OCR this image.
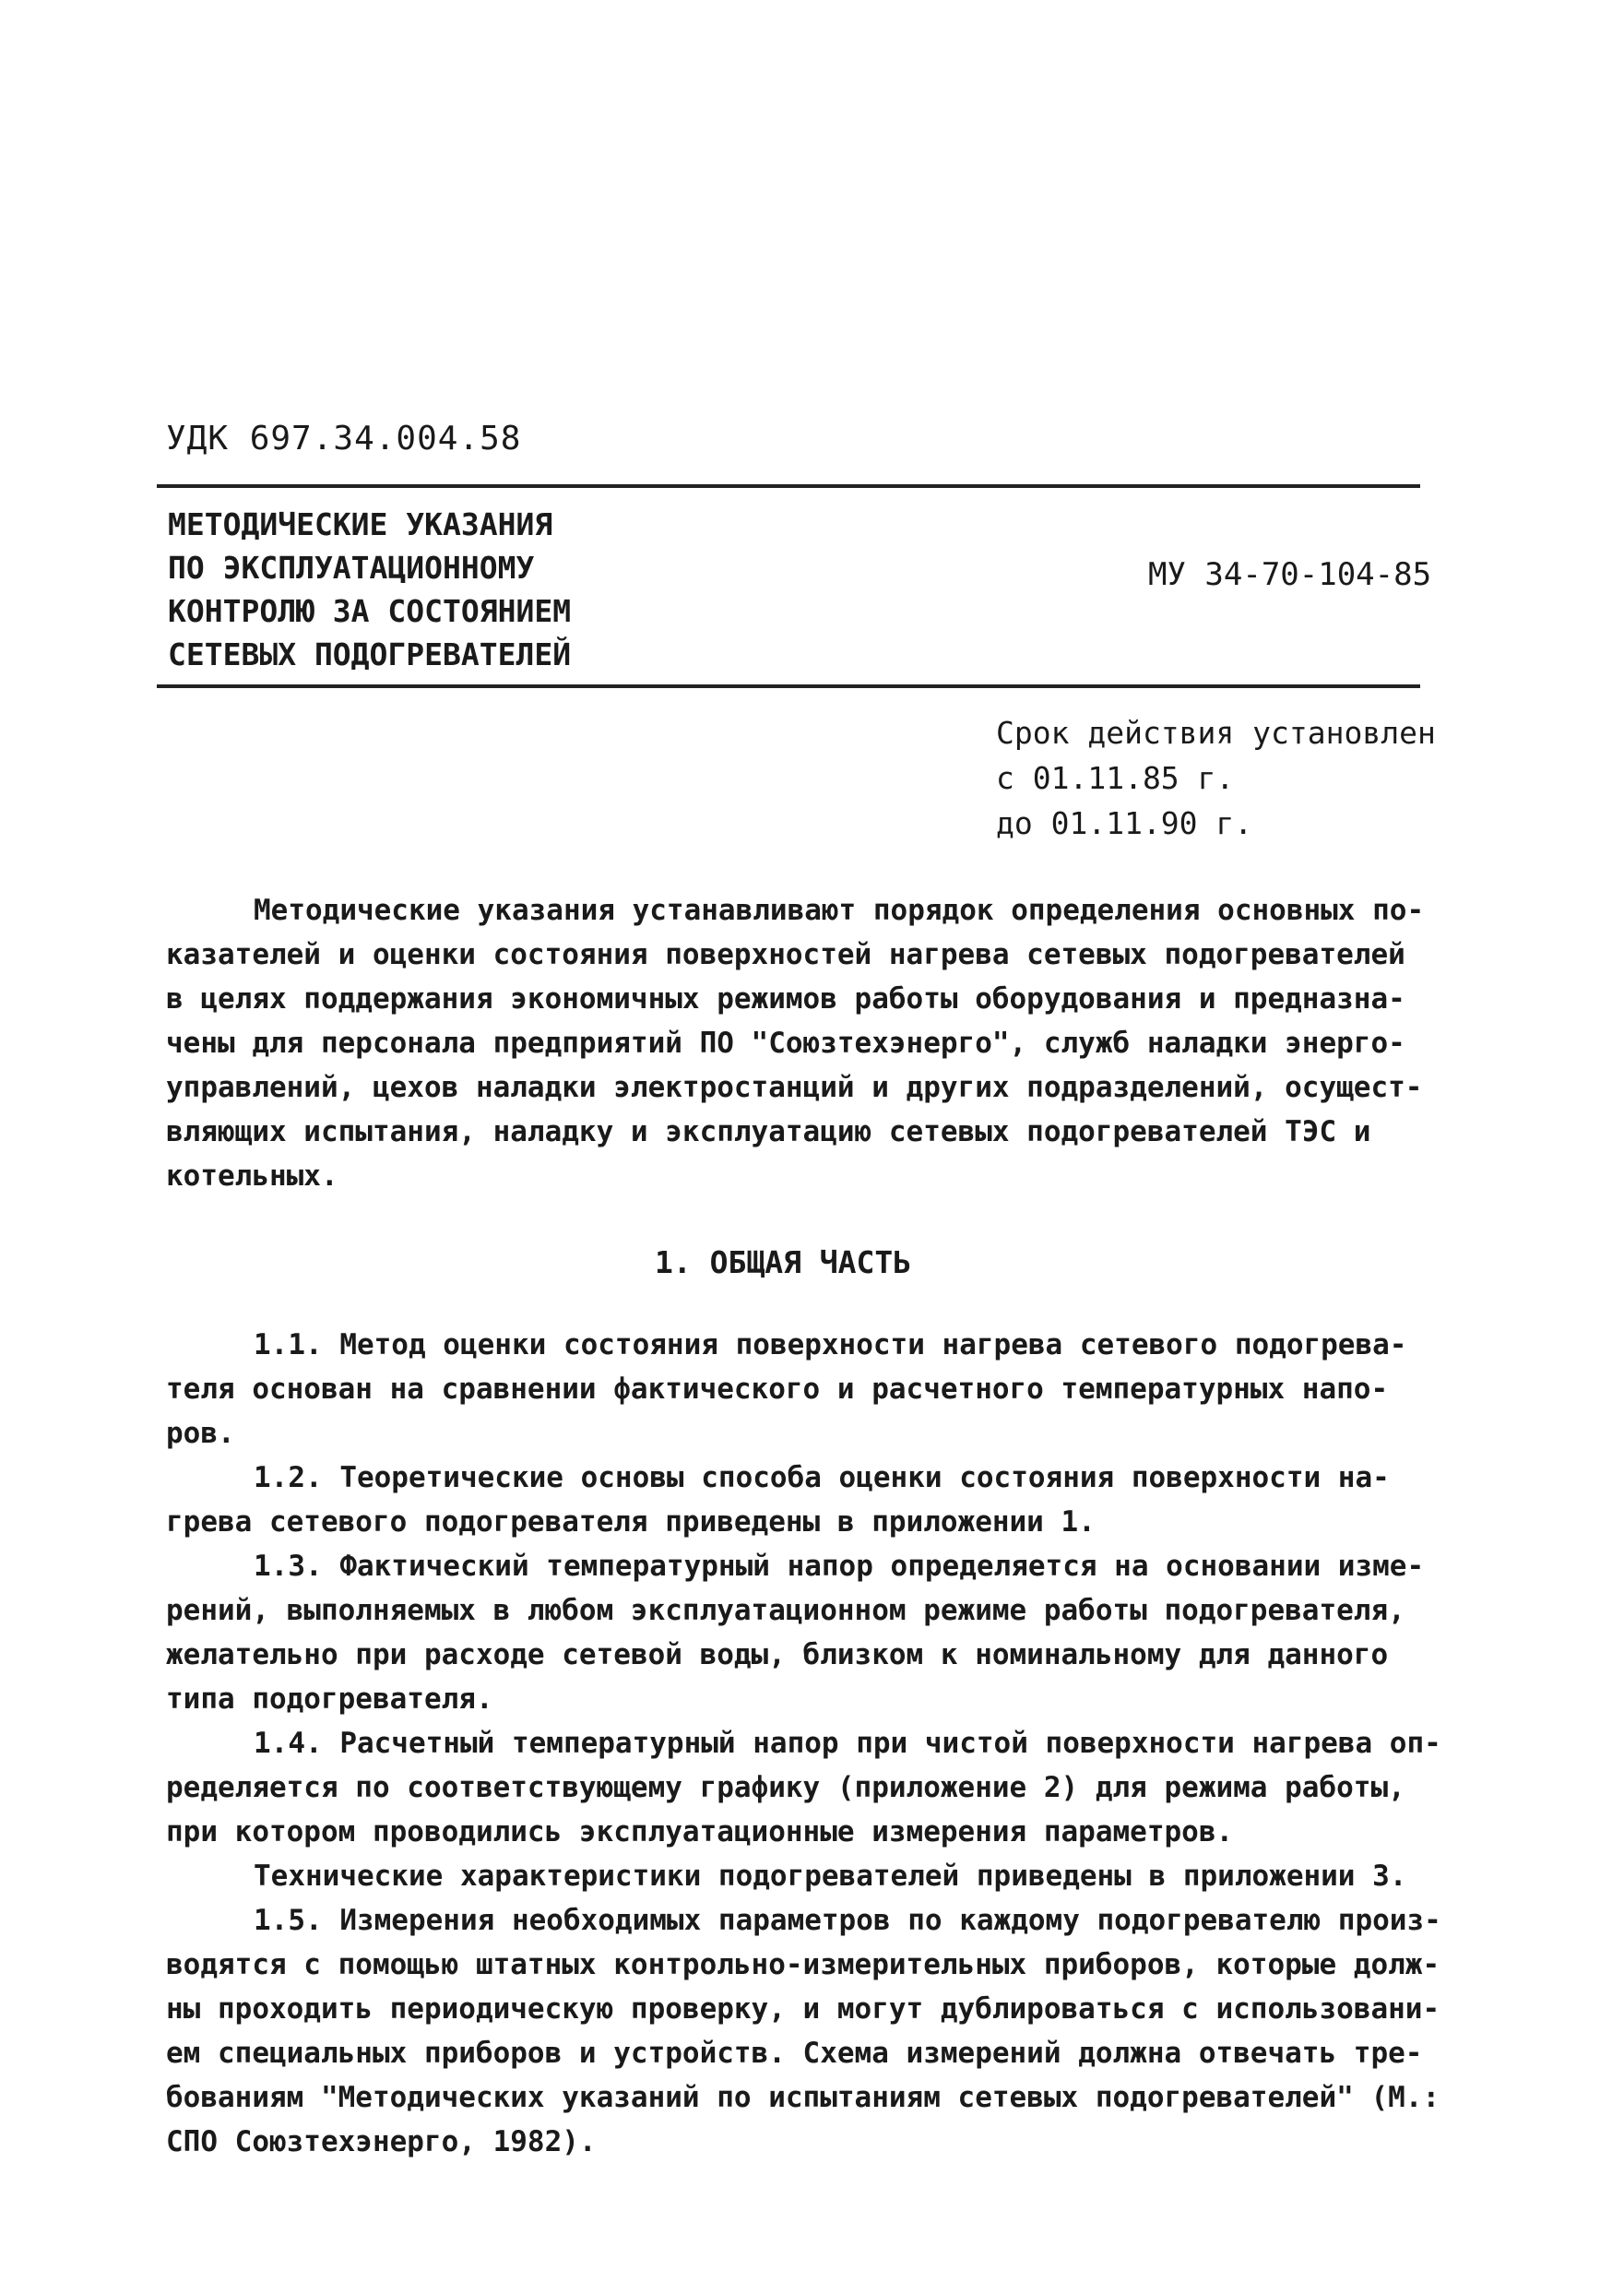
УДК 697.34.004.58
МЕТОДИЧЕСКИЕ УКАЗАНИЯ
ПО ЭКСПЛУАТАЦИОННОМУ
КОНТРОЛЮ ЗА СОСТОЯНИЕМ
СЕТЕВЫХ ПОДОГРЕВАТЕЛЕЙ
МУ 34-70-104-85
Срок действия установлен
с 01.11.85 г.
до 01.11.90 г.
Методические указания устанавливают порядок определения основных по-
казателей и оценки состояния поверхностей нагрева сетевых подогревателей
в целях поддержания экономичных режимов работы оборудования и предназна-
чены для персонала предприятий ПО "Союзтехэнерго", служб наладки энерго-
управлений, цехов наладки электростанций и других подразделений, осущест-
вляющих испытания, наладку и эксплуатацию сетевых подогревателей ТЭС и
котельных.
1. ОБЩАЯ ЧАСТЬ
1.1. Метод оценки состояния поверхности нагрева сетевого подогрева-
теля основан на сравнении фактического и расчетного температурных напо-
ров.
1.2. Теоретические основы способа оценки состояния поверхности на-
грева сетевого подогревателя приведены в приложении 1.
1.3. Фактический температурный напор определяется на основании изме-
рений, выполняемых в любом эксплуатационном режиме работы подогревателя,
желательно при расходе сетевой воды, близком к номинальному для данного
типа подогревателя.
1.4. Расчетный температурный напор при чистой поверхности нагрева оп-
ределяется по соответствующему графику (приложение 2) для режима работы,
при котором проводились эксплуатационные измерения параметров.
Технические характеристики подогревателей приведены в приложении 3.
1.5. Измерения необходимых параметров по каждому подогревателю произ-
водятся с помощью штатных контрольно-измерительных приборов, которые долж-
ны проходить периодическую проверку, и могут дублироваться с использовани-
ем специальных приборов и устройств. Схема измерений должна отвечать тре-
бованиям "Методических указаний по испытаниям сетевых подогревателей" (М.:
СПО Союзтехэнерго, 1982).
